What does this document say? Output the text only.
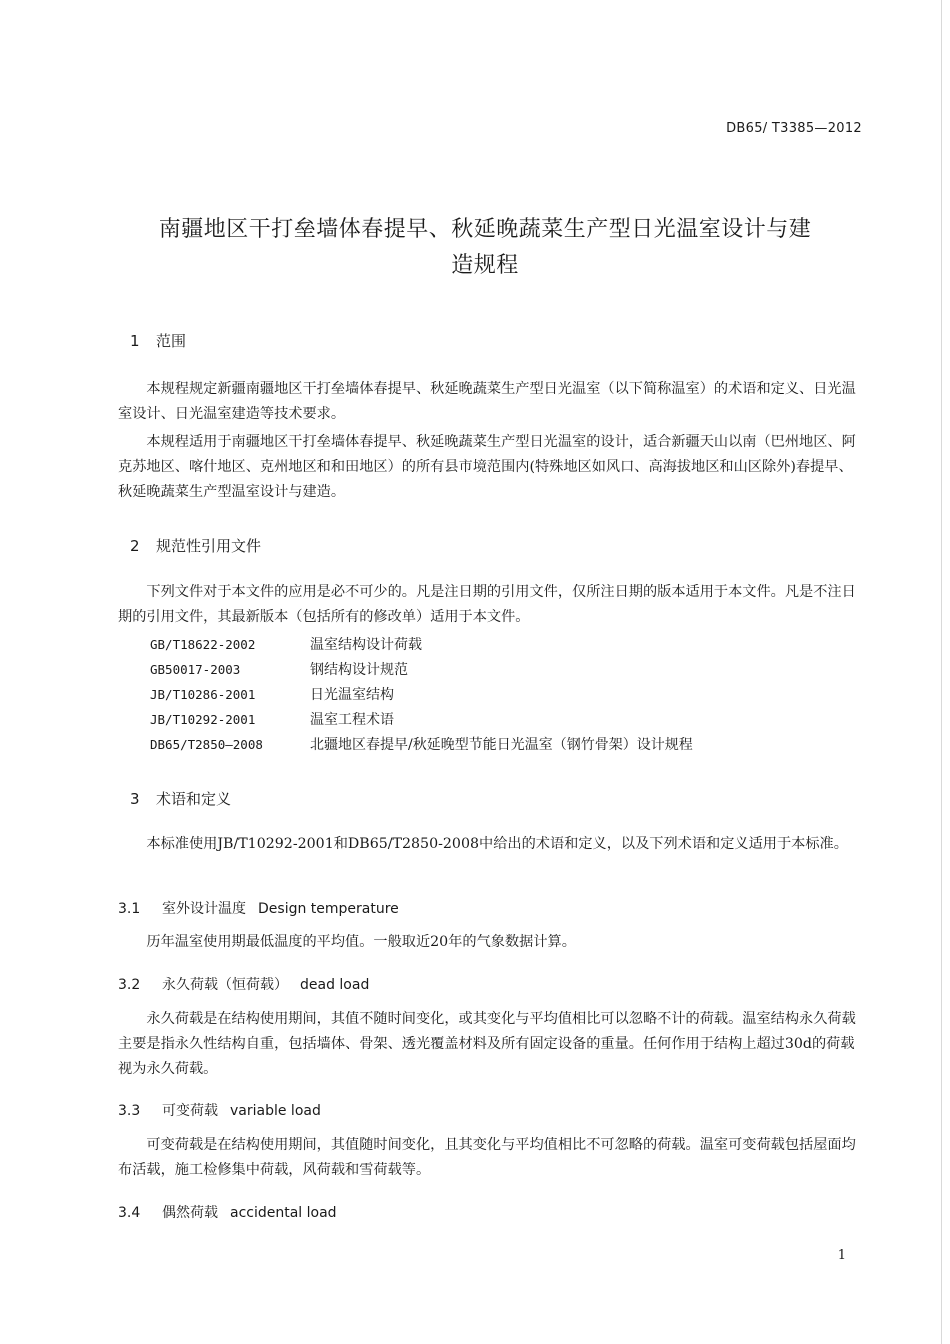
DB65/ T3385—2012
南疆地区干打垒墙体春提早、秋延晚蔬菜生产型日光温室设计与建
造规程
1 范围

本规程规定新疆南疆地区干打垒墙体春提早、秋延晚蔬菜生产型日光温室（以下简称温室）的术语和定义、日光温室设计、日光温室建造等技术要求。

本规程适用于南疆地区干打垒墙体春提早、秋延晚蔬菜生产型日光温室的设计，适合新疆天山以南（巴州地区、阿克苏地区、喀什地区、克州地区和和田地区）的所有县市境范围内(特殊地区如风口、高海拔地区和山区除外)春提早、秋延晚蔬菜生产型温室设计与建造。

2 规范性引用文件

下列文件对于本文件的应用是必不可少的。凡是注日期的引用文件，仅所注日期的版本适用于本文件。凡是不注日期的引用文件，其最新版本（包括所有的修改单）适用于本文件。

GB/T18622-2002	温室结构设计荷载
GB50017-2003	钢结构设计规范
JB/T10286-2001	日光温室结构
JB/T10292-2001	温室工程术语
DB65/T2850—2008	北疆地区春提早/秋延晚型节能日光温室（钢竹骨架）设计规程
3 术语和定义

本标准使用JB/T10292-2001和DB65/T2850-2008中给出的术语和定义，以及下列术语和定义适用于本标准。

3.1 室外设计温度 Design temperature

历年温室使用期最低温度的平均值。一般取近20年的气象数据计算。

3.2 永久荷载（恒荷载） dead load

永久荷载是在结构使用期间，其值不随时间变化，或其变化与平均值相比可以忽略不计的荷载。温室结构永久荷载主要是指永久性结构自重，包括墙体、骨架、透光覆盖材料及所有固定设备的重量。任何作用于结构上超过30d的荷载视为永久荷载。

3.3 可变荷载 variable load

可变荷载是在结构使用期间，其值随时间变化，且其变化与平均值相比不可忽略的荷载。温室可变荷载包括屋面均布活载，施工检修集中荷载，风荷载和雪荷载等。

3.4 偶然荷载 accidental load
1
